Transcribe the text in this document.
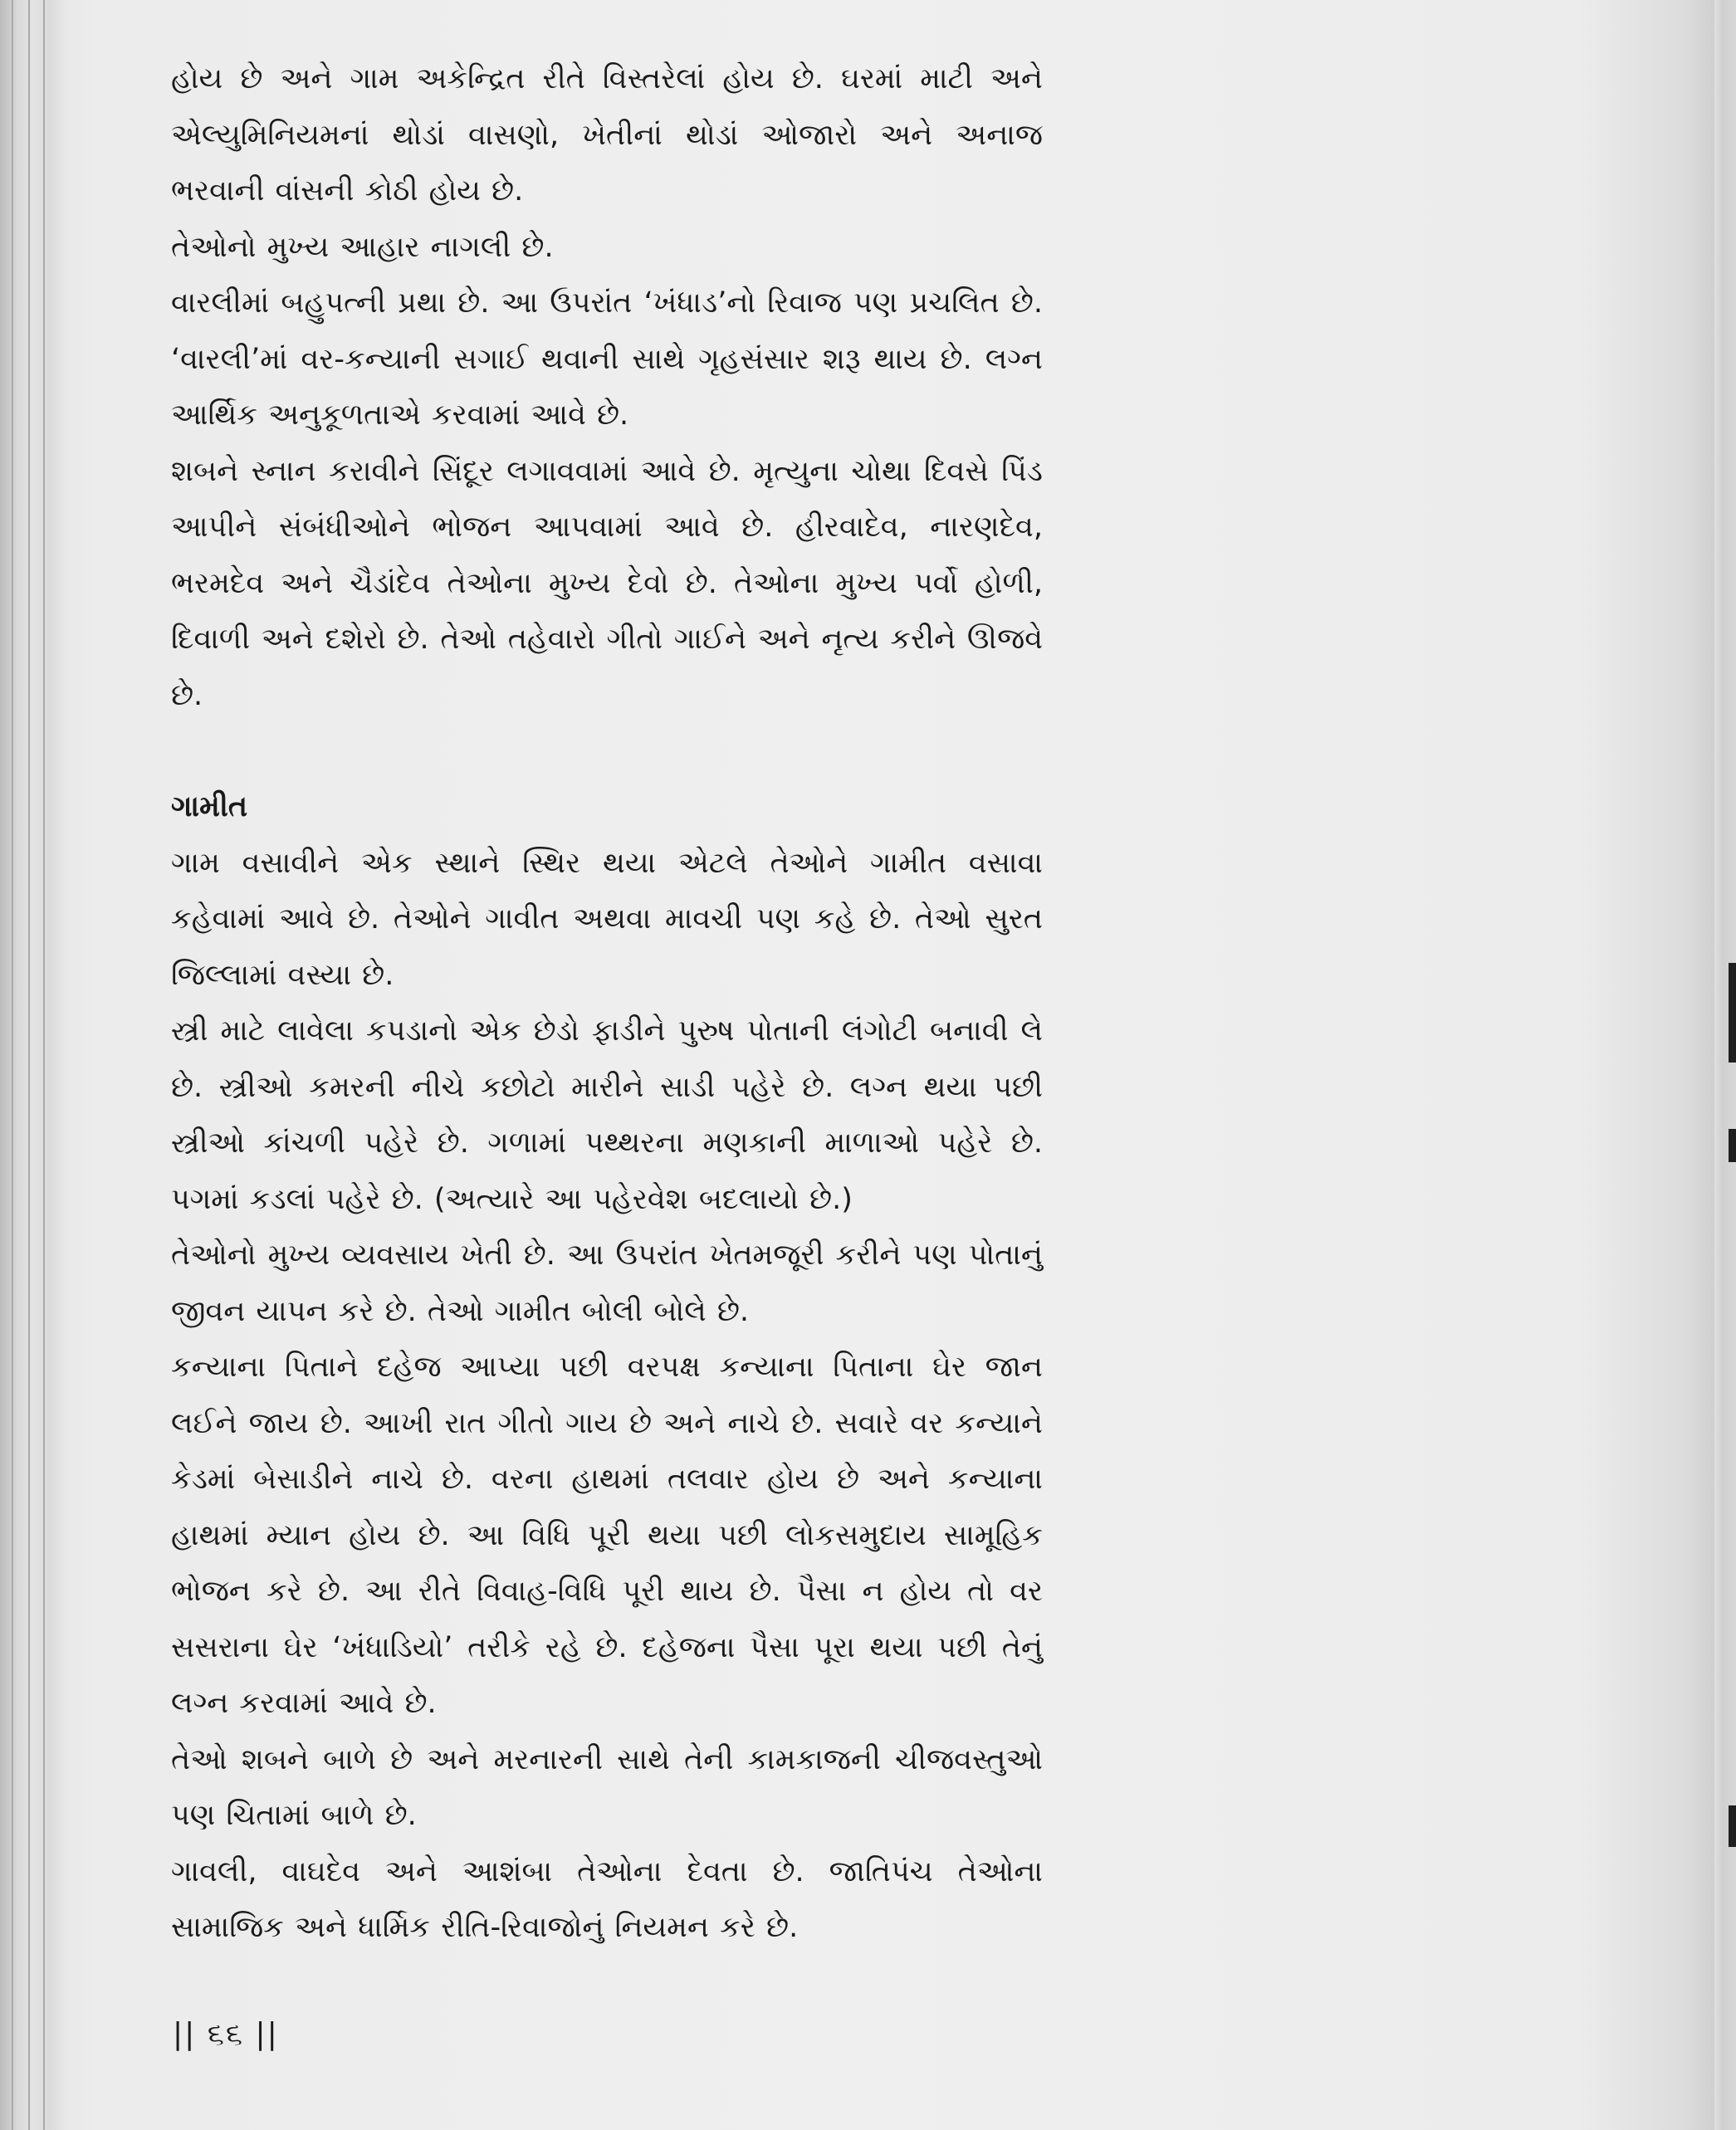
હોય છે અને ગામ અકેન્દ્રિત રીતે વિસ્તરેલાં હોય છે. ઘરમાં માટી અને એલ્યુમિનિયમનાં થોડાં વાસણો, ખેતીનાં થોડાં ઓજારો અને અનાજ ભરવાની વાંસની કોઠી હોય છે.

તેઓનો મુખ્ય આહાર નાગલી છે.

વારલીમાં બહુપત્ની પ્રથા છે. આ ઉપરાંત ‘ખંધાડ’નો રિવાજ પણ પ્રચલિત છે. ‘વારલી’માં વર-કન્યાની સગાઈ થવાની સાથે ગૃહસંસાર શરૂ થાય છે. લગ્ન આર્થિક અનુકૂળતાએ કરવામાં આવે છે.

શબને સ્નાન કરાવીને સિંદૂર લગાવવામાં આવે છે. મૃત્યુના ચોથા દિવસે પિંડ આપીને સંબંધીઓને ભોજન આપવામાં આવે છે. હીરવાદેવ, નારણદેવ, ભરમદેવ અને ચૈડાંદેવ તેઓના મુખ્ય દેવો છે. તેઓના મુખ્ય પર્વો હોળી, દિવાળી અને દશેરો છે. તેઓ તહેવારો ગીતો ગાઈને અને નૃત્ય કરીને ઊજવે છે.

ગામીત

ગામ વસાવીને એક સ્થાને સ્થિર થયા એટલે તેઓને ગામીત વસાવા કહેવામાં આવે છે. તેઓને ગાવીત અથવા માવચી પણ કહે છે. તેઓ સુરત જિલ્લામાં વસ્યા છે.

સ્ત્રી માટે લાવેલા કપડાનો એક છેડો ફાડીને પુરુષ પોતાની લંગોટી બનાવી લે છે. સ્ત્રીઓ કમરની નીચે કછોટો મારીને સાડી પહેરે છે. લગ્ન થયા પછી સ્ત્રીઓ કાંચળી પહેરે છે. ગળામાં પથ્થરના મણકાની માળાઓ પહેરે છે. પગમાં કડલાં પહેરે છે. (અત્યારે આ પહેરવેશ બદલાયો છે.)

તેઓનો મુખ્ય વ્યવસાય ખેતી છે. આ ઉપરાંત ખેતમજૂરી કરીને પણ પોતાનું જીવન યાપન કરે છે. તેઓ ગામીત બોલી બોલે છે.

કન્યાના પિતાને દહેજ આપ્યા પછી વરપક્ષ કન્યાના પિતાના ઘેર જાન લઈને જાય છે. આખી રાત ગીતો ગાય છે અને નાચે છે. સવારે વર કન્યાને કેડમાં બેસાડીને નાચે છે. વરના હાથમાં તલવાર હોય છે અને કન્યાના હાથમાં મ્યાન હોય છે. આ વિધિ પૂરી થયા પછી લોકસમુદાય સામૂહિક ભોજન કરે છે. આ રીતે વિવાહ-વિધિ પૂરી થાય છે. પૈસા ન હોય તો વર સસરાના ઘેર ‘ખંધાડિયો’ તરીકે રહે છે. દહેજના પૈસા પૂરા થયા પછી તેનું લગ્ન કરવામાં આવે છે.

તેઓ શબને બાળે છે અને મરનારની સાથે તેની કામકાજની ચીજવસ્તુઓ પણ ચિતામાં બાળે છે.

ગાવલી, વાઘદેવ અને આશંબા તેઓના દેવતા છે. જાતિપંચ તેઓના સામાજિક અને ધાર્મિક રીતિ-રિવાજોનું નિયમન કરે છે.

|| ૬૬ ||
